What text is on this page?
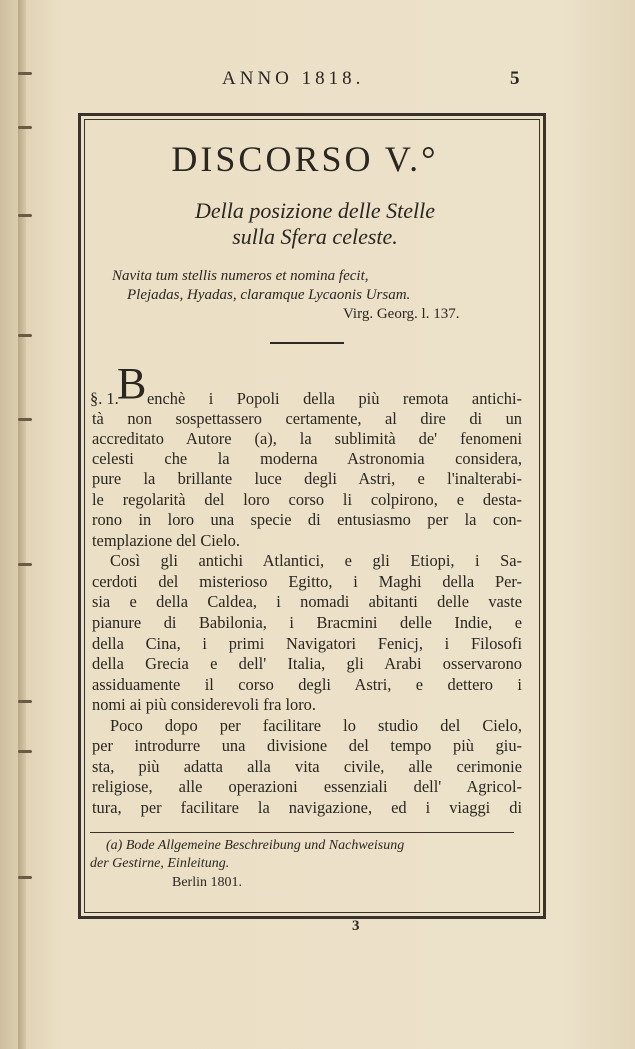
ANNO 1818.	5
DISCORSO V.°
Della posizione delle Stelle
sulla Sfera celeste.
Navita tum stellis numeros et nomina fecit,
Plejadas, Hyadas, claramque Lycaonis Ursam.
Virg. Georg. l. 137.
§. 1.
B enchè i Popoli della più remota antichi-
tà non sospettassero certamente, al dire di un
accreditato Autore (a), la sublimità de' fenomeni
celesti che la moderna Astronomia considera,
pure la brillante luce degli Astri, e l'inalterabi-
le regolarità del loro corso li colpirono, e desta-
rono in loro una specie di entusiasmo per la con-
templazione del Cielo.
Così gli antichi Atlantici, e gli Etiopi, i Sa-
cerdoti del misterioso Egitto, i Maghi della Per-
sia e della Caldea, i nomadi abitanti delle vaste
pianure di Babilonia, i Bracmini delle Indie, e
della Cina, i primi Navigatori Fenicj, i Filosofi
della Grecia e dell' Italia, gli Arabi osservarono
assiduamente il corso degli Astri, e dettero i
nomi ai più considerevoli fra loro.
Poco dopo per facilitare lo studio del Cielo,
per introdurre una divisione del tempo più giu-
sta, più adatta alla vita civile, alle cerimonie
religiose, alle operazioni essenziali dell' Agricol-
tura, per facilitare la navigazione, ed i viaggi di
(a) Bode Allgemeine Beschreibung und Nachweisung
der Gestirne, Einleitung.
Berlin 1801.
3
